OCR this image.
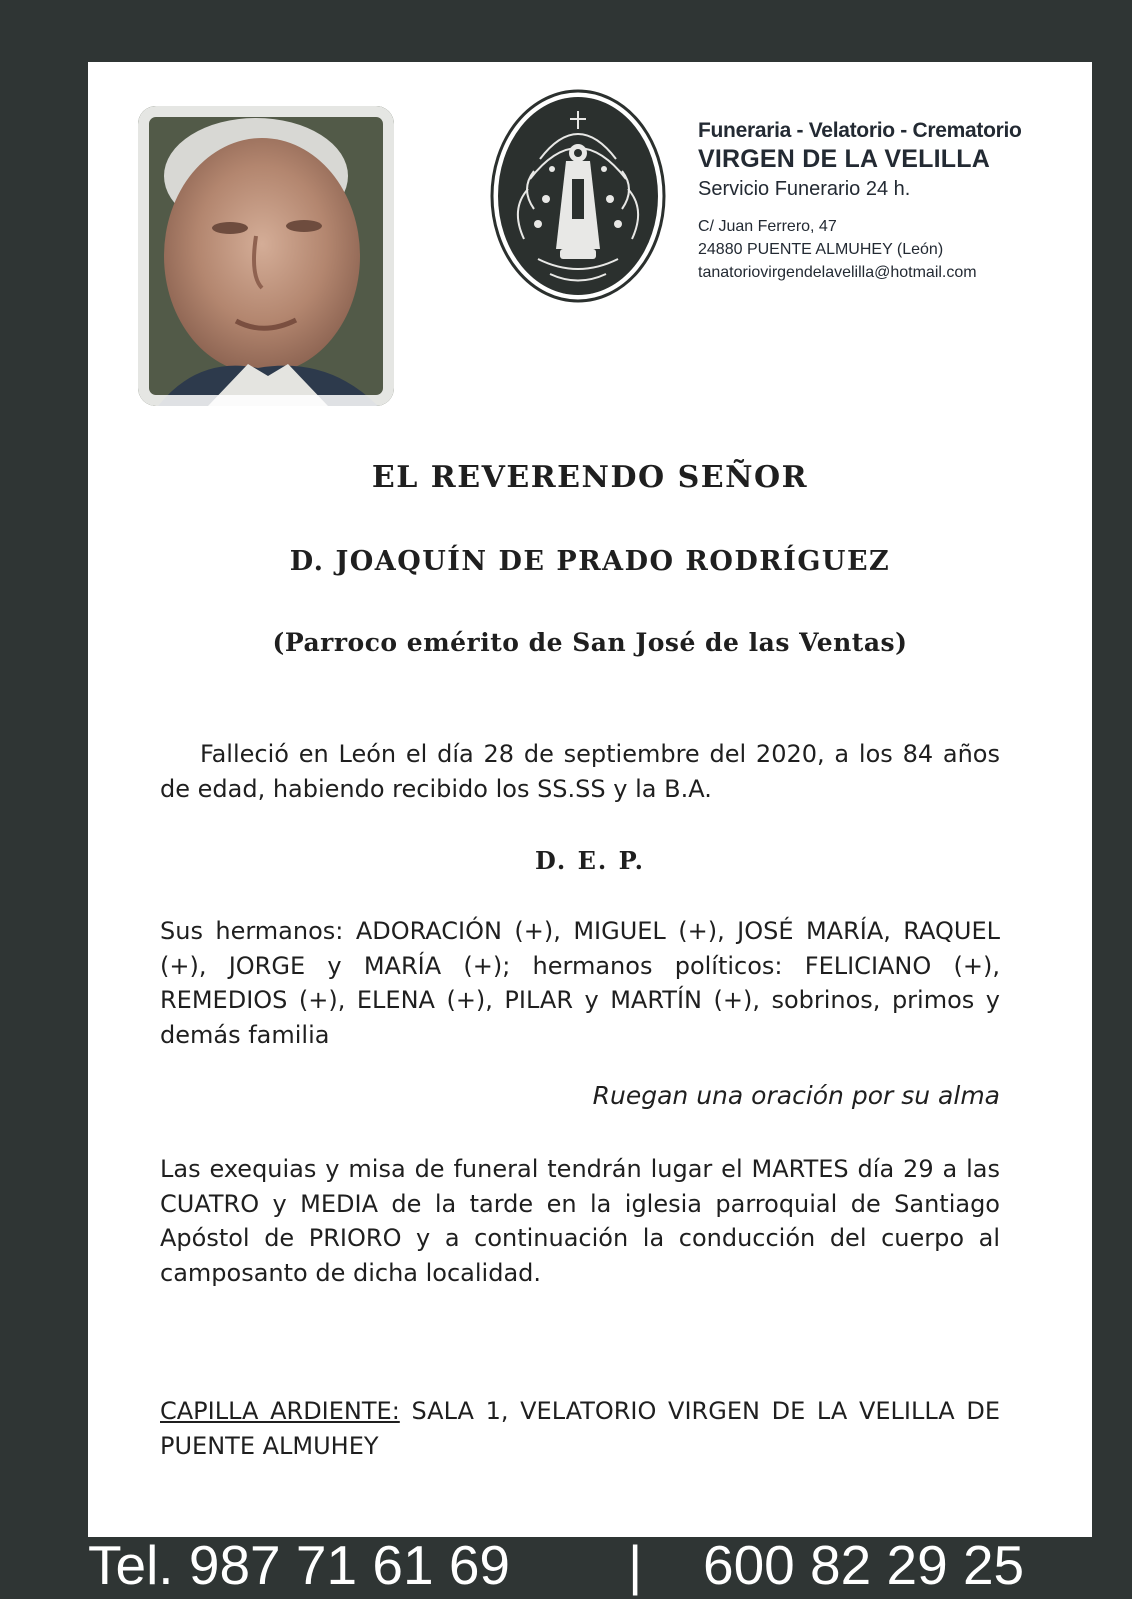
Funeraria - Velatorio - Crematorio
VIRGEN DE LA VELILLA
Servicio Funerario 24 h.
C/ Juan Ferrero, 47
24880 PUENTE ALMUHEY (León)
tanatoriovirgendelavelilla@hotmail.com
EL REVERENDO SEÑOR
D. JOAQUÍN DE PRADO RODRÍGUEZ
(Parroco emérito de San José de las Ventas)
Falleció en León el día 28 de septiembre del 2020, a los 84 años de edad, habiendo recibido los SS.SS y la B.A.
D. E. P.
Sus hermanos: ADORACIÓN (+), MIGUEL (+), JOSÉ MARÍA, RAQUEL (+), JORGE y MARÍA (+); hermanos políticos: FELICIANO (+), REMEDIOS (+), ELENA (+), PILAR y MARTÍN (+), sobrinos, primos y demás familia
Ruegan una oración por su alma
Las exequias y misa de funeral tendrán lugar el MARTES día 29 a las CUATRO y MEDIA de la tarde en la iglesia parroquial de Santiago Apóstol de PRIORO y a continuación la conducción del cuerpo al camposanto de dicha localidad.
CAPILLA ARDIENTE: SALA 1, VELATORIO VIRGEN DE LA VELILLA DE PUENTE ALMUHEY
Tel. 987 71 61 69 | 600 82 29 25
